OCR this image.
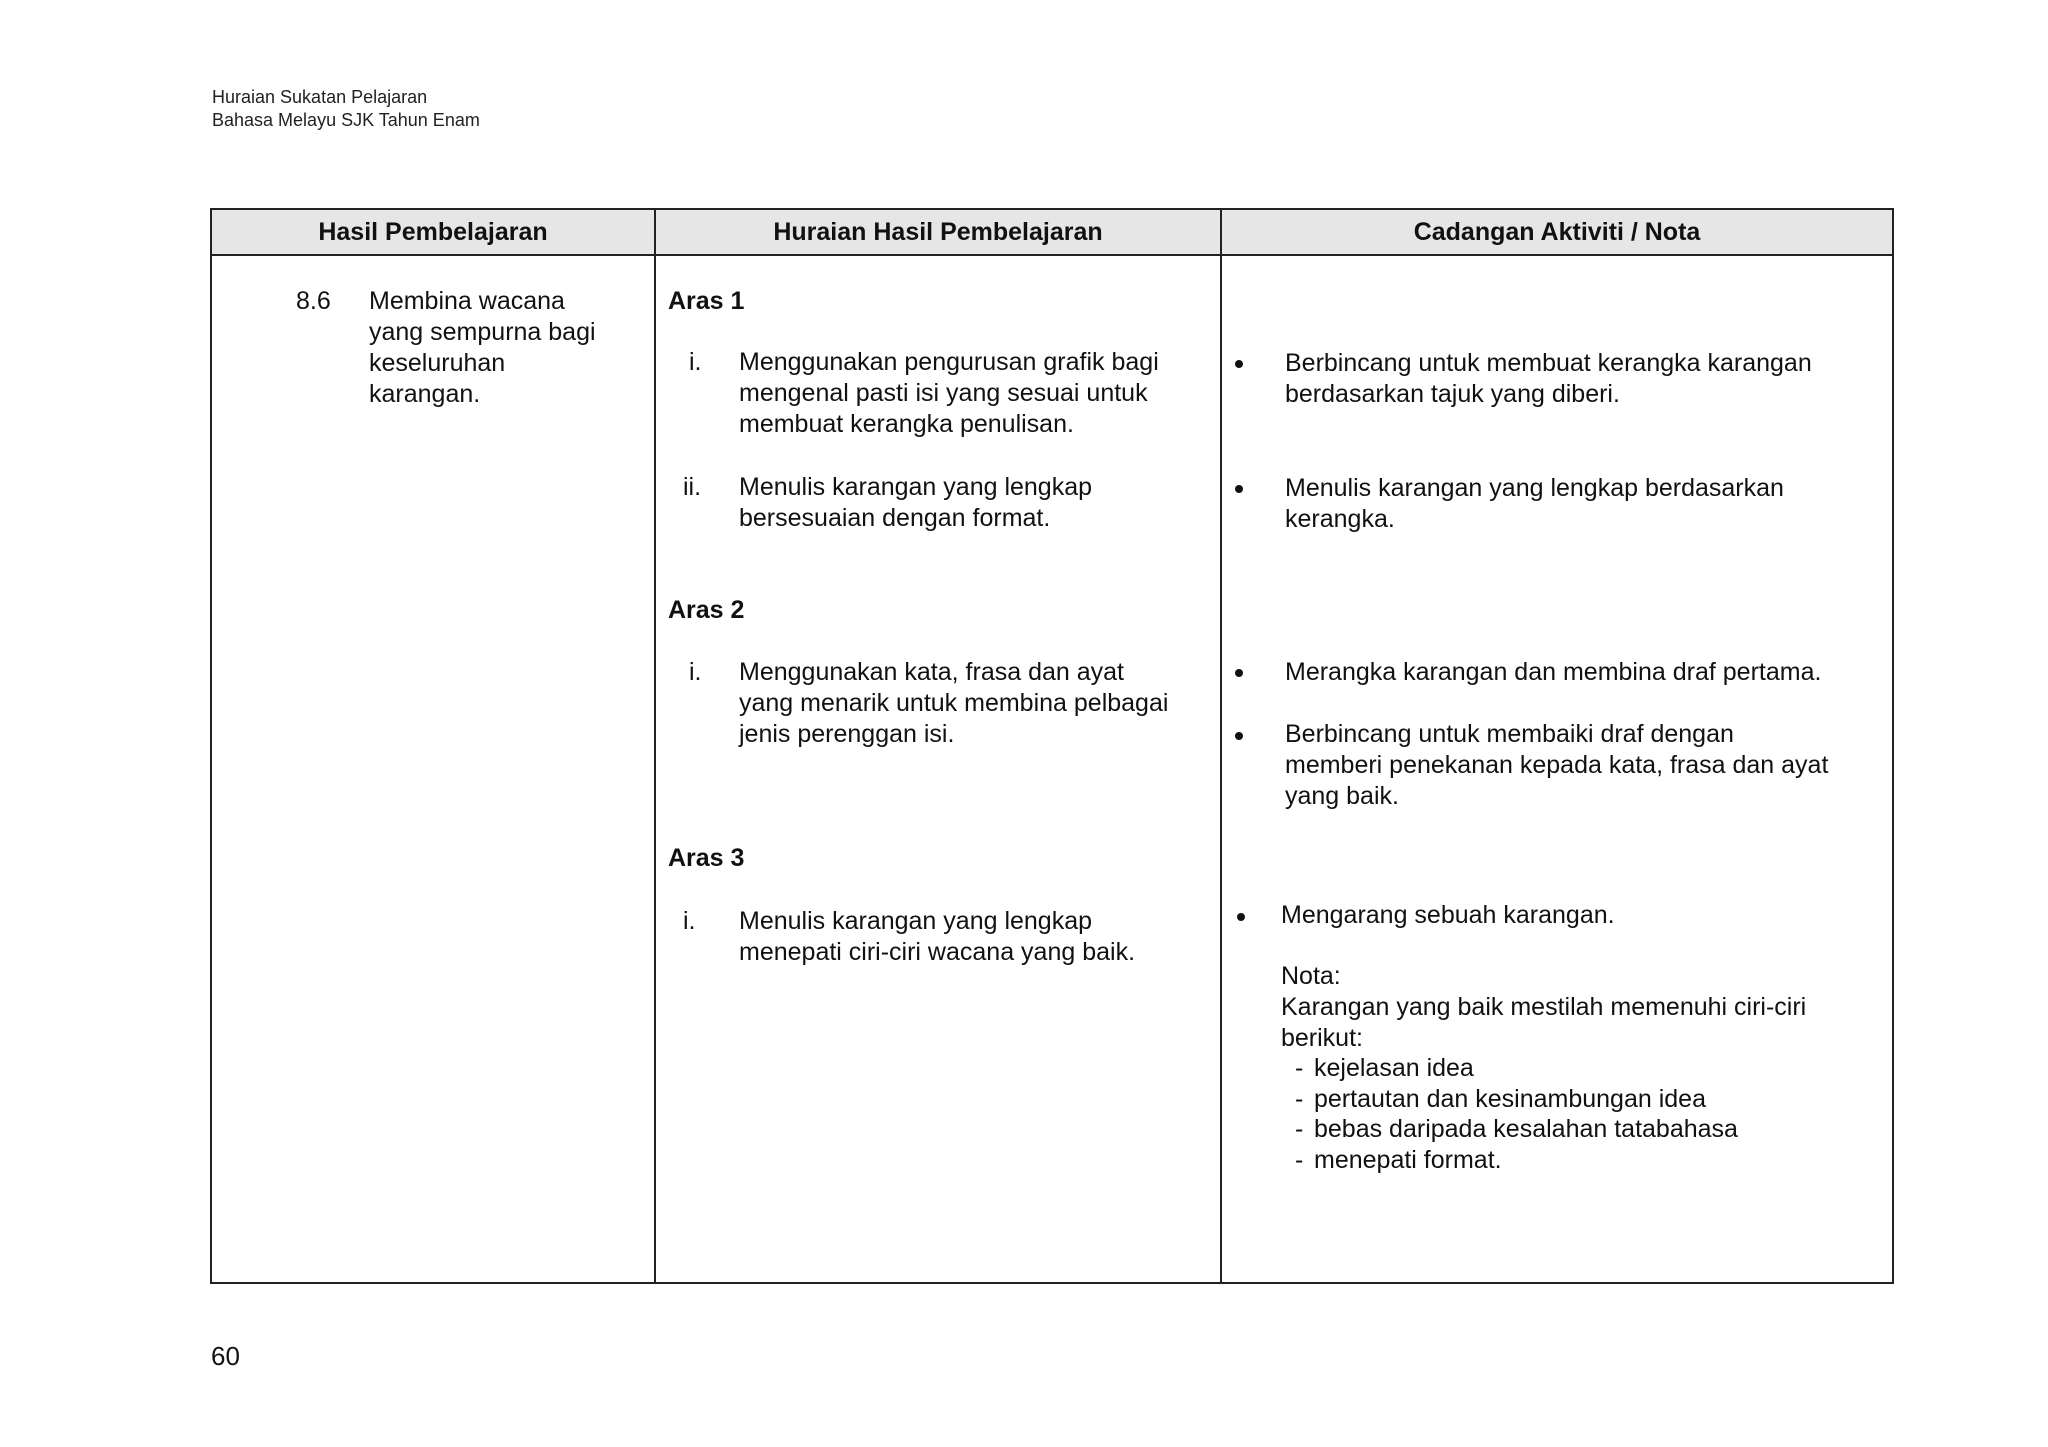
Huraian Sukatan Pelajaran
Bahasa Melayu SJK Tahun Enam
Hasil Pembelajaran	Huraian Hasil Pembelajaran	Cadangan Aktiviti / Nota
8.6 Membina wacana
yang sempurna bagi
keseluruhan
karangan.
Aras 1
i. Menggunakan pengurusan grafik bagi
mengenal pasti isi yang sesuai untuk
membuat kerangka penulisan.
ii. Menulis karangan yang lengkap
bersesuaian dengan format.
Aras 2
i. Menggunakan kata, frasa dan ayat
yang menarik untuk membina pelbagai
jenis perenggan isi.
Aras 3
i. Menulis karangan yang lengkap
menepati ciri-ciri wacana yang baik.
Berbincang untuk membuat kerangka karangan
berdasarkan tajuk yang diberi.
Menulis karangan yang lengkap berdasarkan
kerangka.
Merangka karangan dan membina draf pertama.
Berbincang untuk membaiki draf dengan
memberi penekanan kepada kata, frasa dan ayat
yang baik.
Mengarang sebuah karangan.
Nota:
Karangan yang baik mestilah memenuhi ciri-ciri
berikut:
- kejelasan idea
- pertautan dan kesinambungan idea
- bebas daripada kesalahan tatabahasa
- menepati format.
60
